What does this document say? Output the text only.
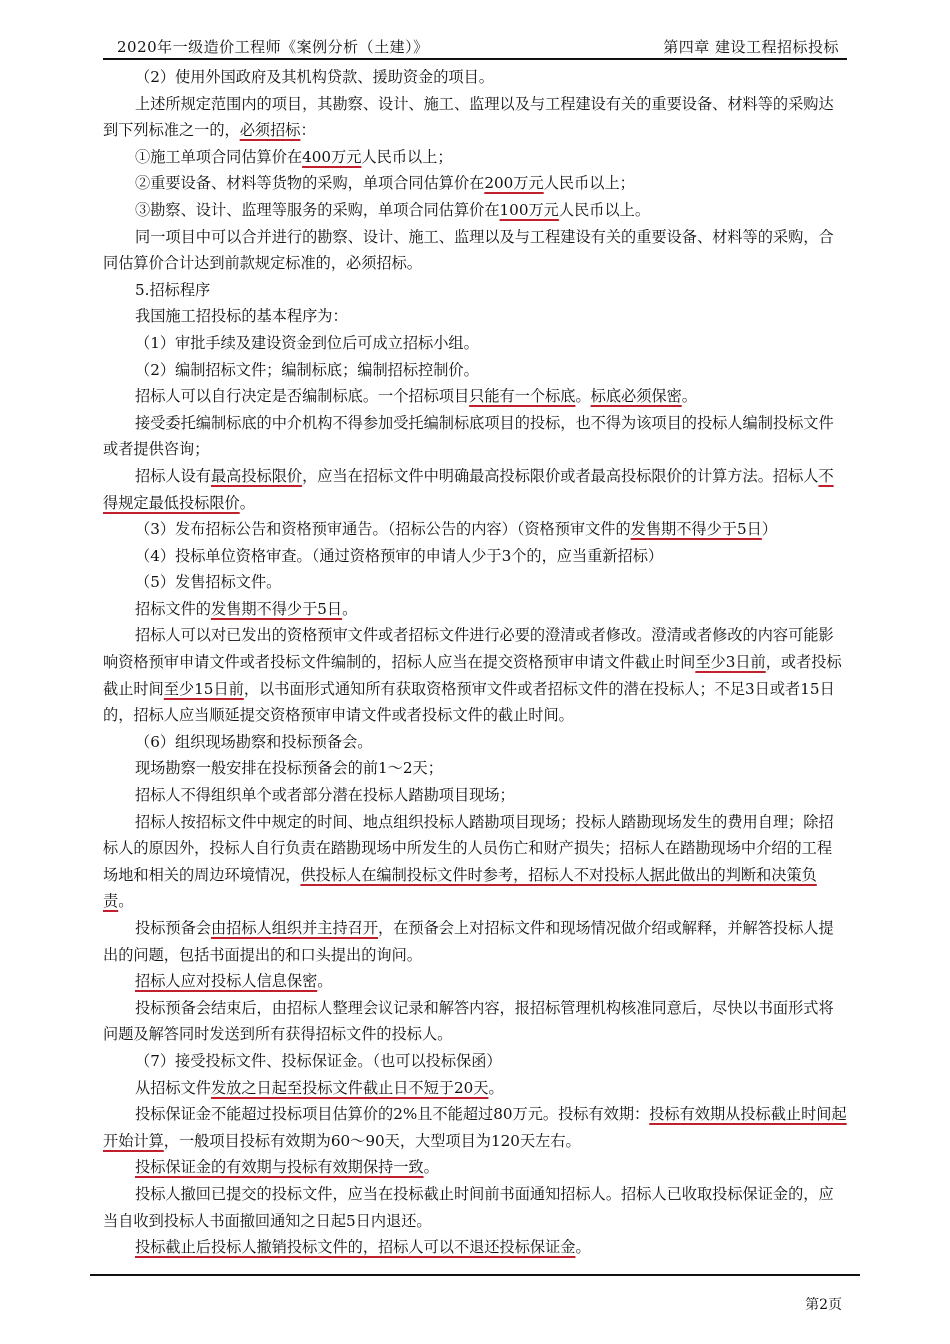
2020年一级造价工程师《案例分析（土建）》	第四章 建设工程招标投标

（2）使用外国政府及其机构贷款、援助资金的项目。

上述所规定范围内的项目，其勘察、设计、施工、监理以及与工程建设有关的重要设备、材料等的采购达到下列标准之一的，必须招标：

①施工单项合同估算价在400万元人民币以上；

②重要设备、材料等货物的采购，单项合同估算价在200万元人民币以上；

③勘察、设计、监理等服务的采购，单项合同估算价在100万元人民币以上。

同一项目中可以合并进行的勘察、设计、施工、监理以及与工程建设有关的重要设备、材料等的采购，合同估算价合计达到前款规定标准的，必须招标。

5.招标程序

我国施工招投标的基本程序为：

（1）审批手续及建设资金到位后可成立招标小组。

（2）编制招标文件；编制标底；编制招标控制价。

招标人可以自行决定是否编制标底。一个招标项目只能有一个标底。标底必须保密。

接受委托编制标底的中介机构不得参加受托编制标底项目的投标，也不得为该项目的投标人编制投标文件或者提供咨询；

招标人设有最高投标限价，应当在招标文件中明确最高投标限价或者最高投标限价的计算方法。招标人不得规定最低投标限价。

（3）发布招标公告和资格预审通告。（招标公告的内容）（资格预审文件的发售期不得少于5日）

（4）投标单位资格审查。（通过资格预审的申请人少于3个的，应当重新招标）

（5）发售招标文件。

招标文件的发售期不得少于5日。

招标人可以对已发出的资格预审文件或者招标文件进行必要的澄清或者修改。澄清或者修改的内容可能影响资格预审申请文件或者投标文件编制的，招标人应当在提交资格预审申请文件截止时间至少3日前，或者投标截止时间至少15日前，以书面形式通知所有获取资格预审文件或者招标文件的潜在投标人；不足3日或者15日的，招标人应当顺延提交资格预审申请文件或者投标文件的截止时间。

（6）组织现场勘察和投标预备会。

现场勘察一般安排在投标预备会的前1～2天；

招标人不得组织单个或者部分潜在投标人踏勘项目现场；

招标人按招标文件中规定的时间、地点组织投标人踏勘项目现场；投标人踏勘现场发生的费用自理；除招标人的原因外，投标人自行负责在踏勘现场中所发生的人员伤亡和财产损失；招标人在踏勘现场中介绍的工程场地和相关的周边环境情况，供投标人在编制投标文件时参考，招标人不对投标人据此做出的判断和决策负责。

投标预备会由招标人组织并主持召开，在预备会上对招标文件和现场情况做介绍或解释，并解答投标人提出的问题，包括书面提出的和口头提出的询问。

招标人应对投标人信息保密。

投标预备会结束后，由招标人整理会议记录和解答内容，报招标管理机构核准同意后，尽快以书面形式将问题及解答同时发送到所有获得招标文件的投标人。

（7）接受投标文件、投标保证金。（也可以投标保函）

从招标文件发放之日起至投标文件截止日不短于20天。

投标保证金不能超过投标项目估算价的2%且不能超过80万元。投标有效期：投标有效期从投标截止时间起开始计算，一般项目投标有效期为60～90天，大型项目为120天左右。

投标保证金的有效期与投标有效期保持一致。

投标人撤回已提交的投标文件，应当在投标截止时间前书面通知招标人。招标人已收取投标保证金的，应当自收到投标人书面撤回通知之日起5日内退还。

投标截止后投标人撤销投标文件的，招标人可以不退还投标保证金。

第2页
